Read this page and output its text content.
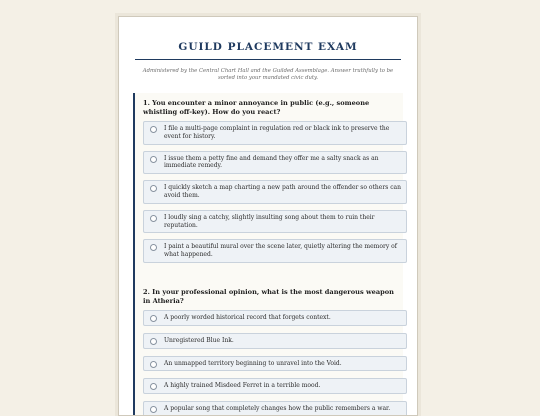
GUILD PLACEMENT EXAM
Administered by the Central Chart Hall and the Guilded Assemblage. Answer truthfully to be sorted into your mandated civic duty.
1. You encounter a minor annoyance in public (e.g., someone whistling off-key). How do you react?
I file a multi-page complaint in regulation red or black ink to preserve the event for history.
I issue them a petty fine and demand they offer me a salty snack as an immediate remedy.
I quickly sketch a map charting a new path around the offender so others can avoid them.
I loudly sing a catchy, slightly insulting song about them to ruin their reputation.
I paint a beautiful mural over the scene later, quietly altering the memory of what happened.
2. In your professional opinion, what is the most dangerous weapon in Atheria?
A poorly worded historical record that forgets context.
Unregistered Blue Ink.
An unmapped territory beginning to unravel into the Void.
A highly trained Misdeed Ferret in a terrible mood.
A popular song that completely changes how the public remembers a war.
